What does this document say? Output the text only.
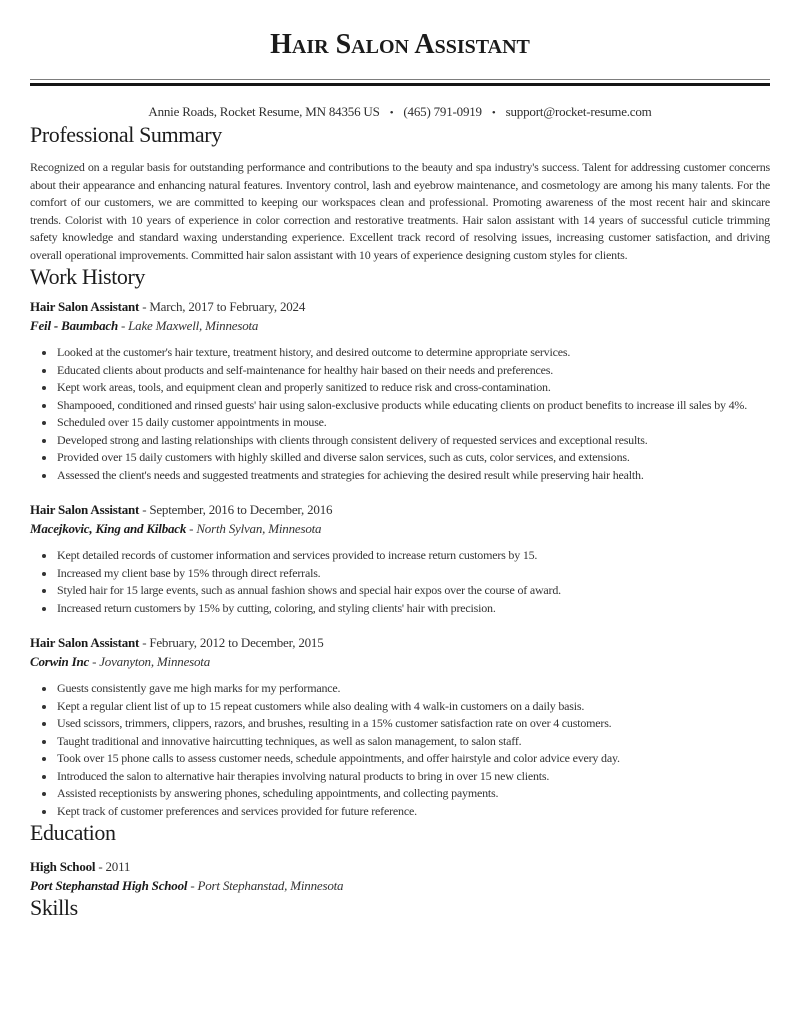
Hair Salon Assistant
Annie Roads, Rocket Resume, MN 84356 US • (465) 791-0919 • support@rocket-resume.com
Professional Summary

Recognized on a regular basis for outstanding performance and contributions to the beauty and spa industry's success. Talent for addressing customer concerns about their appearance and enhancing natural features. Inventory control, lash and eyebrow maintenance, and cosmetology are among his many talents. For the comfort of our customers, we are committed to keeping our workspaces clean and professional. Promoting awareness of the most recent hair and skincare trends. Colorist with 10 years of experience in color correction and restorative treatments. Hair salon assistant with 14 years of successful cuticle trimming safety knowledge and standard waxing understanding experience. Excellent track record of resolving issues, increasing customer satisfaction, and driving overall operational improvements. Committed hair salon assistant with 10 years of experience designing custom styles for clients.

Work History
Hair Salon Assistant - March, 2017 to February, 2024
Feil - Baumbach - Lake Maxwell, Minnesota
• Looked at the customer's hair texture, treatment history, and desired outcome to determine appropriate services.
• Educated clients about products and self-maintenance for healthy hair based on their needs and preferences.
• Kept work areas, tools, and equipment clean and properly sanitized to reduce risk and cross-contamination.
• Shampooed, conditioned and rinsed guests' hair using salon-exclusive products while educating clients on product benefits to increase ill sales by 4%.
• Scheduled over 15 daily customer appointments in mouse.
• Developed strong and lasting relationships with clients through consistent delivery of requested services and exceptional results.
• Provided over 15 daily customers with highly skilled and diverse salon services, such as cuts, color services, and extensions.
• Assessed the client's needs and suggested treatments and strategies for achieving the desired result while preserving hair health.
Hair Salon Assistant - September, 2016 to December, 2016
Macejkovic, King and Kilback - North Sylvan, Minnesota
• Kept detailed records of customer information and services provided to increase return customers by 15.
• Increased my client base by 15% through direct referrals.
• Styled hair for 15 large events, such as annual fashion shows and special hair expos over the course of award.
• Increased return customers by 15% by cutting, coloring, and styling clients' hair with precision.
Hair Salon Assistant - February, 2012 to December, 2015
Corwin Inc - Jovanyton, Minnesota
• Guests consistently gave me high marks for my performance.
• Kept a regular client list of up to 15 repeat customers while also dealing with 4 walk-in customers on a daily basis.
• Used scissors, trimmers, clippers, razors, and brushes, resulting in a 15% customer satisfaction rate on over 4 customers.
• Taught traditional and innovative haircutting techniques, as well as salon management, to salon staff.
• Took over 15 phone calls to assess customer needs, schedule appointments, and offer hairstyle and color advice every day.
• Introduced the salon to alternative hair therapies involving natural products to bring in over 15 new clients.
• Assisted receptionists by answering phones, scheduling appointments, and collecting payments.
• Kept track of customer preferences and services provided for future reference.
Education
High School - 2011
Port Stephanstad High School - Port Stephanstad, Minnesota
Skills
